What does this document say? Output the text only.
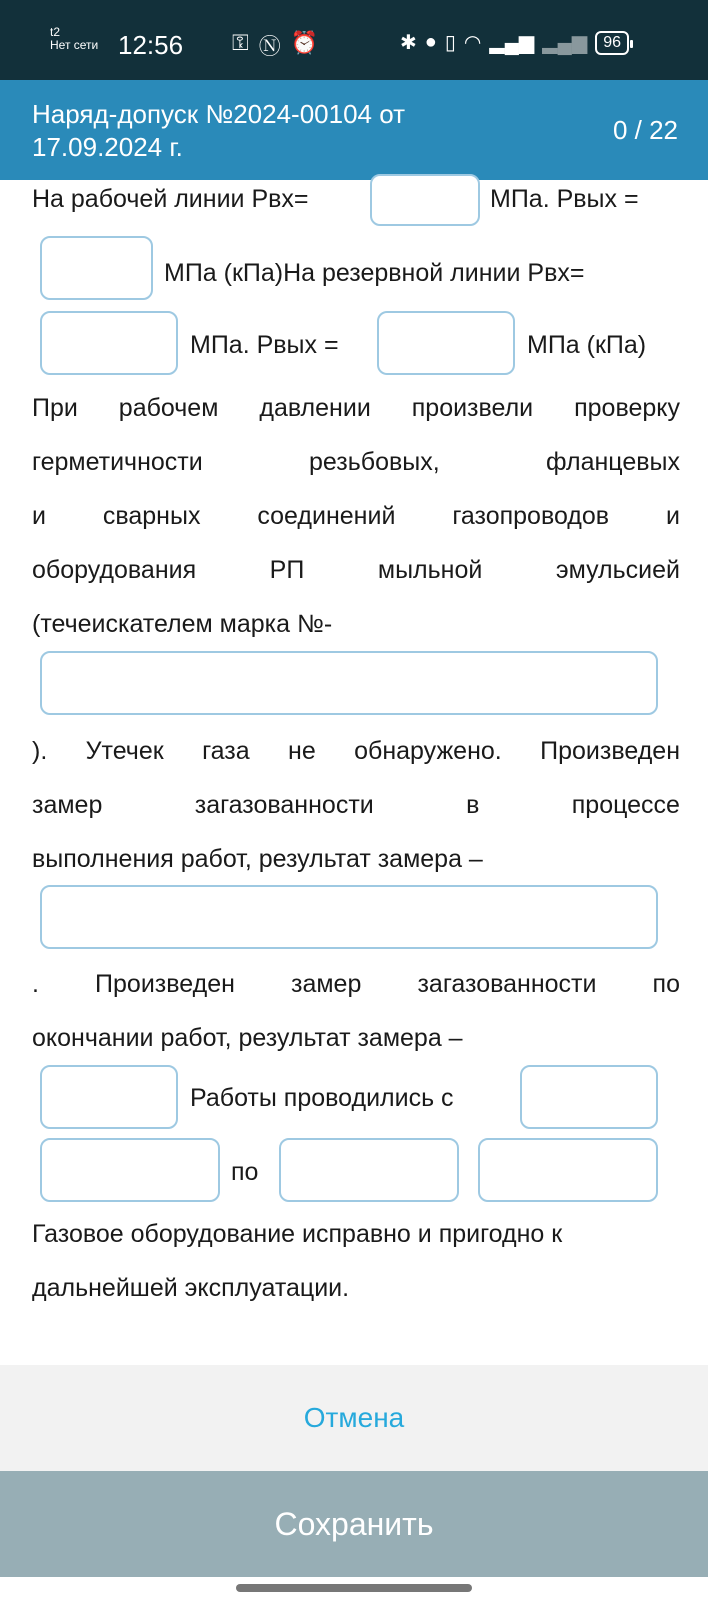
t2
Нет сети 12:56 ⚿ Ⓝ ⏰	✱ ● ▯ ◠ ▂▄▆ ▂▄▆	96
Наряд-допуск №2024-00104 от 17.09.2024 г.
0 / 22
На рабочей линии Рвх=	МПа. Рвых =
МПа (кПа)На резервной линии Рвх=
МПа. Рвых =	МПа (кПа)
При рабочем давлении произвели проверку
герметичности	резьбовых,	фланцевых
и сварных соединений газопроводов и
оборудования	РП	мыльной	эмульсией
(течеискателем марка №-
). Утечек газа не обнаружено. Произведен
замер	загазованности	в	процессе
выполнения работ, результат замера –
. Произведен замер загазованности по
окончании работ, результат замера –
Работы проводились с
по
Газовое оборудование исправно и пригодно к
дальнейшей эксплуатации.
Отмена
Сохранить
